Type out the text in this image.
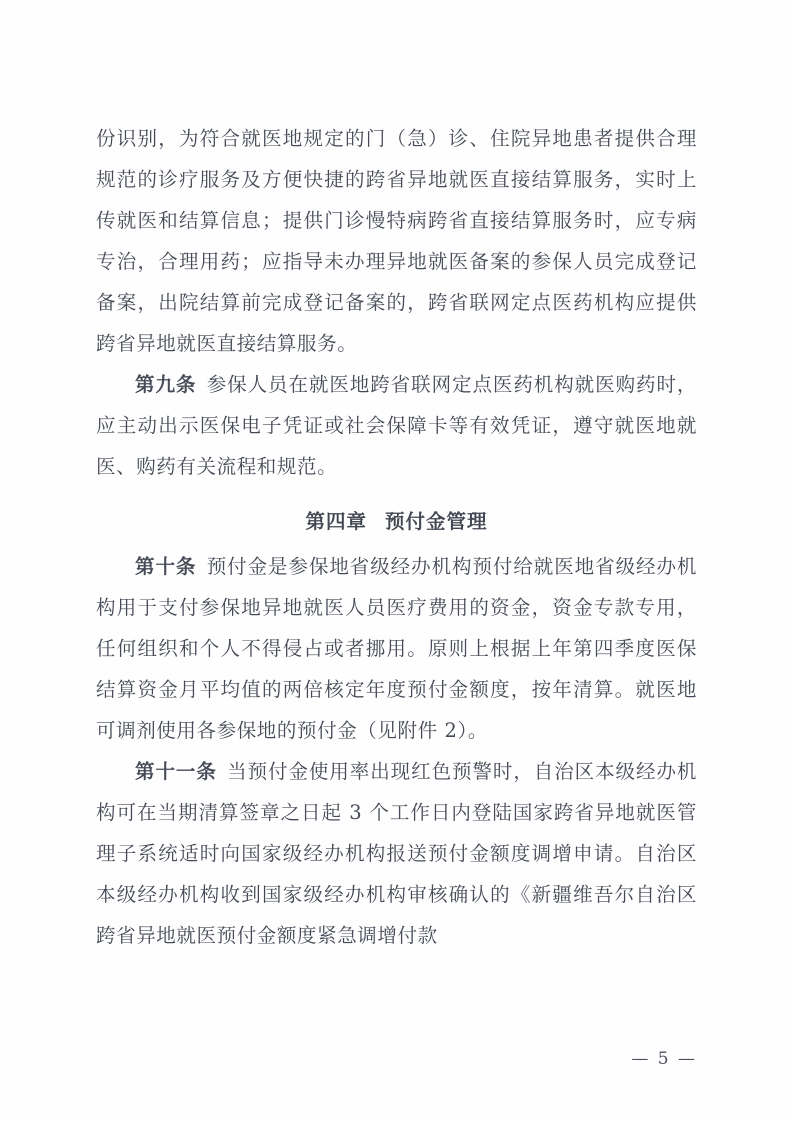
份识别，为符合就医地规定的门（急）诊、住院异地患者提供合理规范的诊疗服务及方便快捷的跨省异地就医直接结算服务，实时上传就医和结算信息；提供门诊慢特病跨省直接结算服务时，应专病专治，合理用药；应指导未办理异地就医备案的参保人员完成登记备案，出院结算前完成登记备案的，跨省联网定点医药机构应提供跨省异地就医直接结算服务。

第九条 参保人员在就医地跨省联网定点医药机构就医购药时，应主动出示医保电子凭证或社会保障卡等有效凭证，遵守就医地就医、购药有关流程和规范。

第四章 预付金管理

第十条 预付金是参保地省级经办机构预付给就医地省级经办机构用于支付参保地异地就医人员医疗费用的资金，资金专款专用，任何组织和个人不得侵占或者挪用。原则上根据上年第四季度医保结算资金月平均值的两倍核定年度预付金额度，按年清算。就医地可调剂使用各参保地的预付金（见附件 2）。

第十一条 当预付金使用率出现红色预警时，自治区本级经办机构可在当期清算签章之日起 3 个工作日内登陆国家跨省异地就医管理子系统适时向国家级经办机构报送预付金额度调增申请。自治区本级经办机构收到国家级经办机构审核确认的《新疆维吾尔自治区跨省异地就医预付金额度紧急调增付款

— 5 —
